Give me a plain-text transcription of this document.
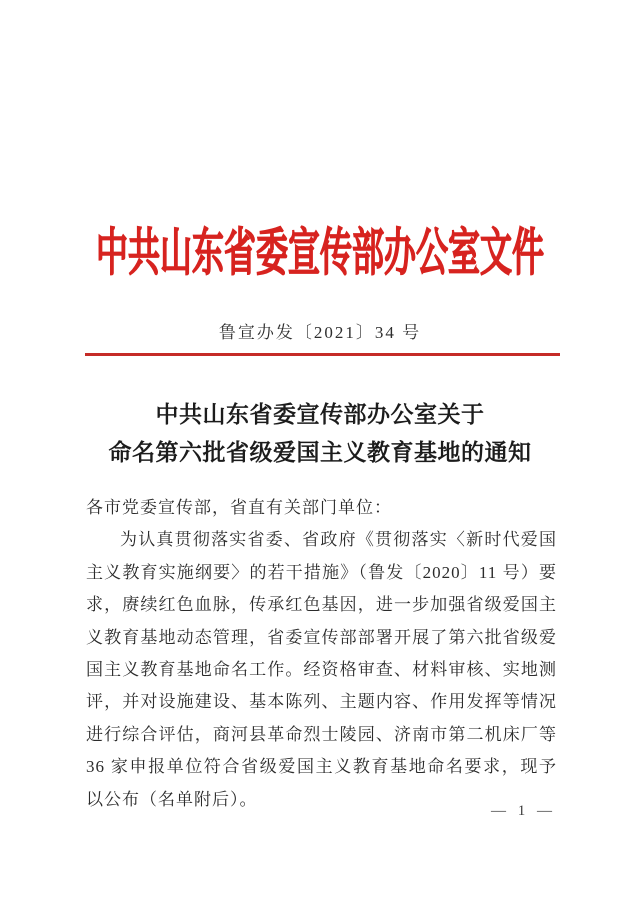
中共山东省委宣传部办公室文件
鲁宣办发〔2021〕34 号
中共山东省委宣传部办公室关于
命名第六批省级爱国主义教育基地的通知
各市党委宣传部，省直有关部门单位：
为认真贯彻落实省委、省政府《贯彻落实〈新时代爱国
主义教育实施纲要〉的若干措施》（鲁发〔2020〕11 号）要
求，赓续红色血脉，传承红色基因，进一步加强省级爱国主
义教育基地动态管理，省委宣传部部署开展了第六批省级爱
国主义教育基地命名工作。经资格审查、材料审核、实地测
评，并对设施建设、基本陈列、主题内容、作用发挥等情况
进行综合评估，商河县革命烈士陵园、济南市第二机床厂等
36 家申报单位符合省级爱国主义教育基地命名要求，现予
以公布（名单附后）。
— 1 —
